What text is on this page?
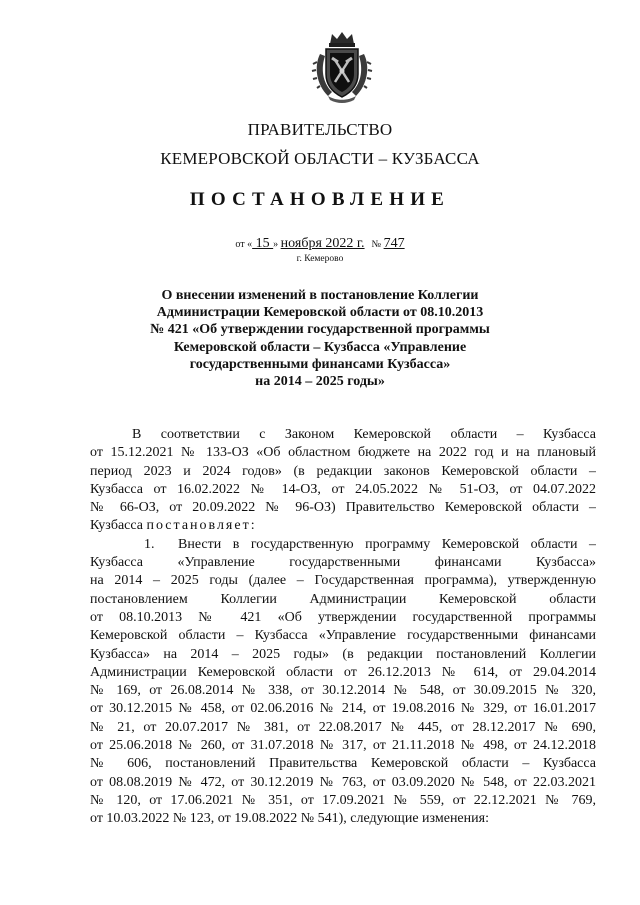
ПРАВИТЕЛЬСТВО
КЕМЕРОВСКОЙ ОБЛАСТИ – КУЗБАССА
ПОСТАНОВЛЕНИЕ
от « 15 » ноября 2022 г. № 747
г. Кемерово
О внесении изменений в постановление Коллегии
Администрации Кемеровской области от 08.10.2013
№ 421 «Об утверждении государственной программы
Кемеровской области – Кузбасса «Управление
государственными финансами Кузбасса»
на 2014 – 2025 годы»
В соответствии с Законом Кемеровской области – Кузбасса
от 15.12.2021 № 133-ОЗ «Об областном бюджете на 2022 год и на плановый
период 2023 и 2024 годов» (в редакции законов Кемеровской области –
Кузбасса от 16.02.2022 № 14-ОЗ, от 24.05.2022 № 51-ОЗ, от 04.07.2022
№ 66-ОЗ, от 20.09.2022 № 96-ОЗ) Правительство Кемеровской области –
Кузбасса постановляет:
1.	Внести в государственную программу Кемеровской области –
Кузбасса «Управление государственными финансами Кузбасса»
на 2014 – 2025 годы (далее – Государственная программа), утвержденную
постановлением Коллегии Администрации Кемеровской области
от 08.10.2013 № 421 «Об утверждении государственной программы
Кемеровской области – Кузбасса «Управление государственными финансами
Кузбасса» на 2014 – 2025 годы» (в редакции постановлений Коллегии
Администрации Кемеровской области от 26.12.2013 № 614, от 29.04.2014
№ 169, от 26.08.2014 № 338, от 30.12.2014 № 548, от 30.09.2015 № 320,
от 30.12.2015 № 458, от 02.06.2016 № 214, от 19.08.2016 № 329, от 16.01.2017
№ 21, от 20.07.2017 № 381, от 22.08.2017 № 445, от 28.12.2017 № 690,
от 25.06.2018 № 260, от 31.07.2018 № 317, от 21.11.2018 № 498, от 24.12.2018
№ 606, постановлений Правительства Кемеровской области – Кузбасса
от 08.08.2019 № 472, от 30.12.2019 № 763, от 03.09.2020 № 548, от 22.03.2021
№ 120, от 17.06.2021 № 351, от 17.09.2021 № 559, от 22.12.2021 № 769,
от 10.03.2022 № 123, от 19.08.2022 № 541), следующие изменения:
